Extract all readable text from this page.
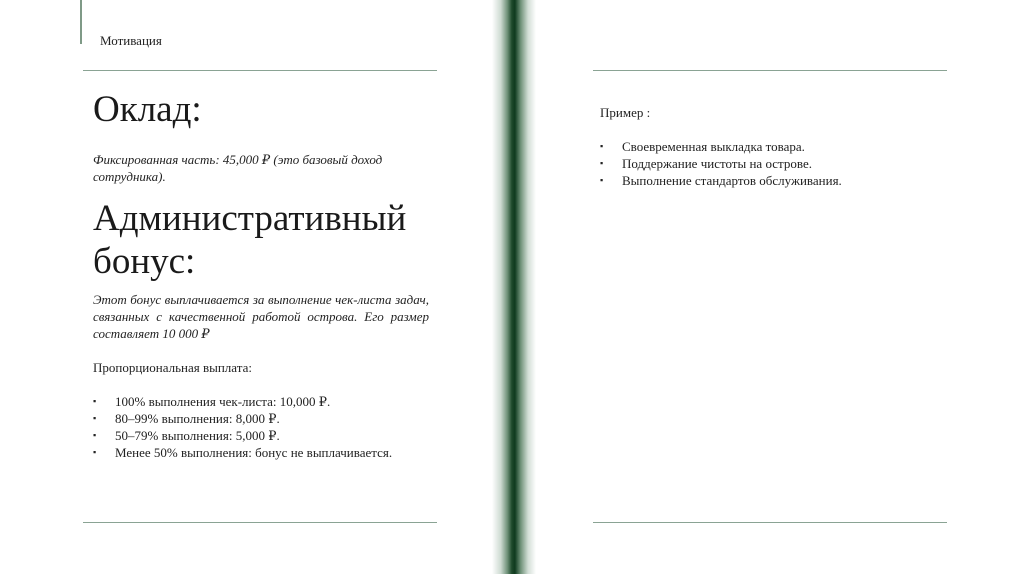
Мотивация
Оклад:

Фиксированная часть: 45,000 ₽ (это базовый доход сотрудника).

Административный бонус:

Этот бонус выплачивается за выполнение чек-листа задач, связанных с качественной работой острова. Его размер составляет 10 000 ₽

Пропорциональная выплата:

▪ 100% выполнения чек-листа: 10,000 ₽.
▪ 80–99% выполнения: 8,000 ₽.
▪ 50–79% выполнения: 5,000 ₽.
▪ Менее 50% выполнения: бонус не выплачивается.

Пример :

▪ Своевременная выкладка товара.
▪ Поддержание чистоты на острове.
▪ Выполнение стандартов обслуживания.
